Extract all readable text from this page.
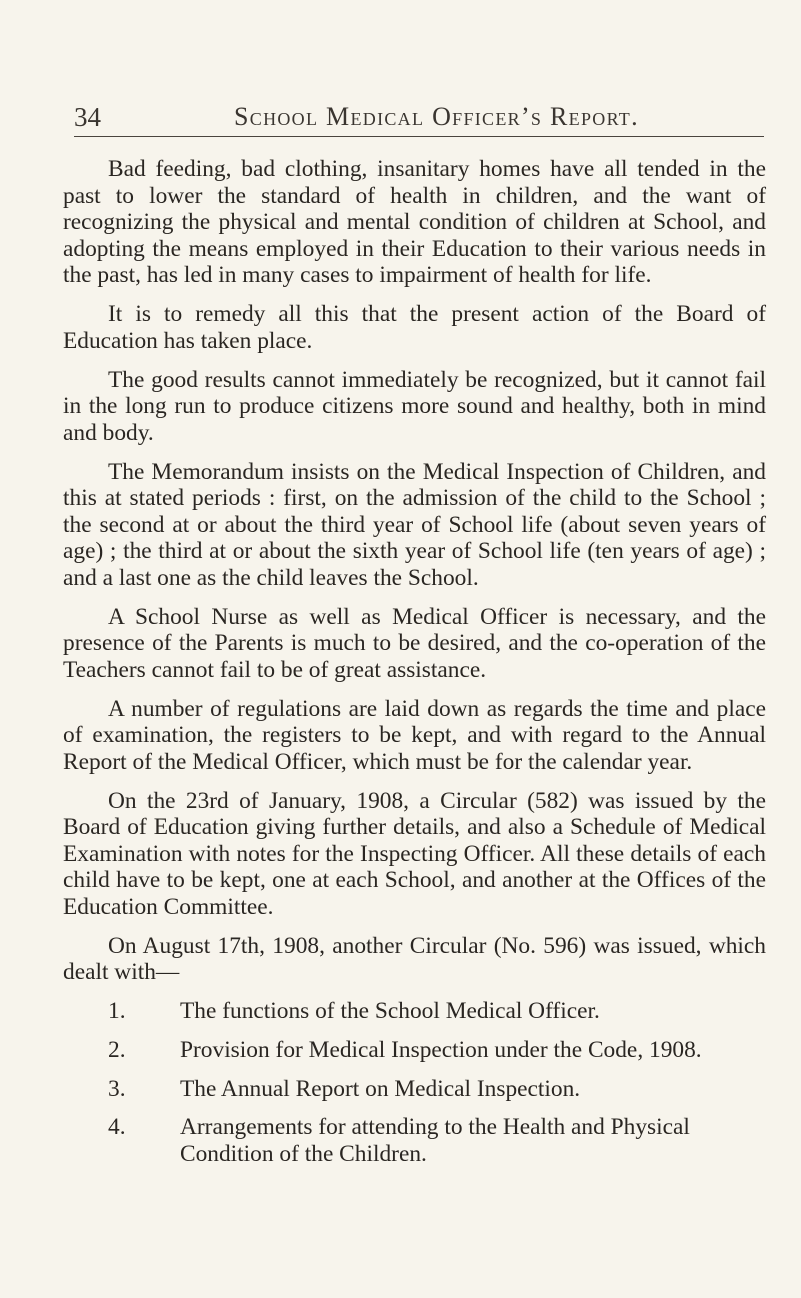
34	School Medical Officer’s Report.

Bad feeding, bad clothing, insanitary homes have all tended in the past to lower the standard of health in children, and the want of recognizing the physical and mental condition of children at School, and adopting the means employed in their Education to their various needs in the past, has led in many cases to impairment of health for life.

It is to remedy all this that the present action of the Board of Education has taken place.

The good results cannot immediately be recognized, but it cannot fail in the long run to produce citizens more sound and healthy, both in mind and body.

The Memorandum insists on the Medical Inspection of Children, and this at stated periods : first, on the admission of the child to the School ; the second at or about the third year of School life (about seven years of age) ; the third at or about the sixth year of School life (ten years of age) ; and a last one as the child leaves the School.

A School Nurse as well as Medical Officer is necessary, and the presence of the Parents is much to be desired, and the co-operation of the Teachers cannot fail to be of great assistance.

A number of regulations are laid down as regards the time and place of examination, the registers to be kept, and with regard to the Annual Report of the Medical Officer, which must be for the calendar year.

On the 23rd of January, 1908, a Circular (582) was issued by the Board of Education giving further details, and also a Schedule of Medical Examination with notes for the Inspecting Officer. All these details of each child have to be kept, one at each School, and another at the Offices of the Education Committee.

On August 17th, 1908, another Circular (No. 596) was issued, which dealt with—

1. The functions of the School Medical Officer.
2. Provision for Medical Inspection under the Code, 1908.
3. The Annual Report on Medical Inspection.
4. Arrangements for attending to the Health and Physical Condition of the Children.
